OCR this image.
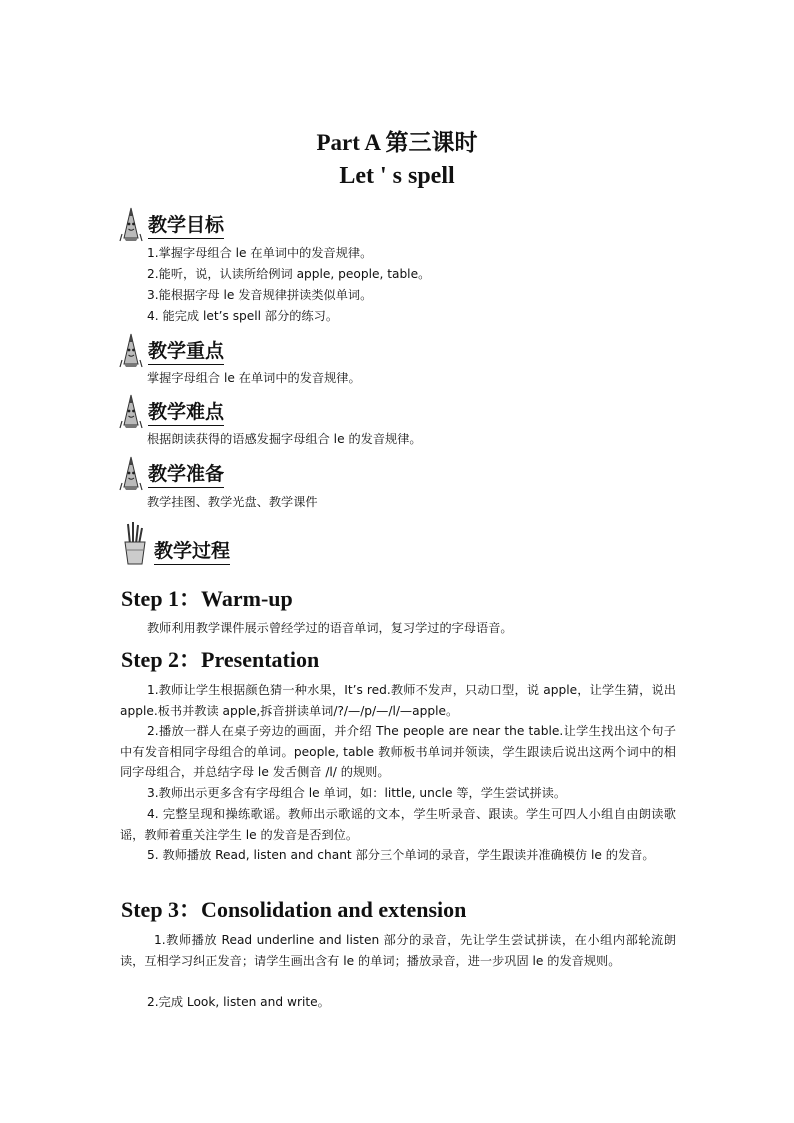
Part A 第三课时
Let ' s spell
教学目标
1.掌握字母组合 le 在单词中的发音规律。
2.能听，说，认读所给例词 apple, people, table。
3.能根据字母 le 发音规律拼读类似单词。
4. 能完成 let’s spell 部分的练习。
教学重点
掌握字母组合 le 在单词中的发音规律。
教学难点
根据朗读获得的语感发掘字母组合 le 的发音规律。
教学准备
教学挂图、教学光盘、教学课件
教学过程
Step 1：Warm-up
教师利用教学课件展示曾经学过的语音单词，复习学过的字母语音。
Step 2：Presentation
1.教师让学生根据颜色猜一种水果，It’s red.教师不发声，只动口型，说 apple，让学生猜，说出 apple.板书并教读 apple,拆音拼读单词/?/—/p/—/l/—apple。
2.播放一群人在桌子旁边的画面，并介绍 The people are near the table.让学生找出这个句子中有发音相同字母组合的单词。people, table 教师板书单词并领读，学生跟读后说出这两个词中的相同字母组合，并总结字母 le 发舌侧音 /l/ 的规则。
3.教师出示更多含有字母组合 le 单词，如：little, uncle 等，学生尝试拼读。
4. 完整呈现和操练歌谣。教师出示歌谣的文本，学生听录音、跟读。学生可四人小组自由朗读歌谣，教师着重关注学生 le 的发音是否到位。
5. 教师播放 Read, listen and chant 部分三个单词的录音，学生跟读并准确模仿 le 的发音。
Step 3：Consolidation and extension
1.教师播放 Read underline and listen 部分的录音，先让学生尝试拼读，在小组内部轮流朗读，互相学习纠正发音；请学生画出含有 le 的单词；播放录音，进一步巩固 le 的发音规则。
2.完成 Look, listen and write。
